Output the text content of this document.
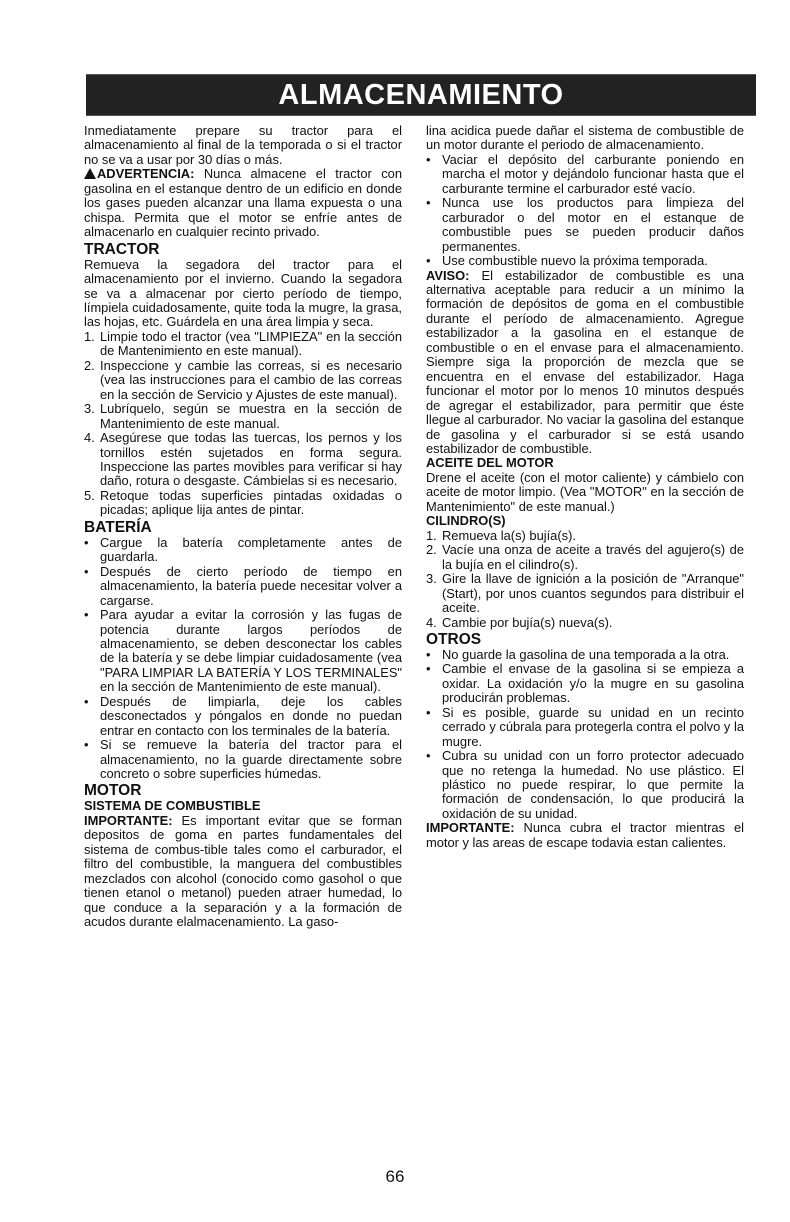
ALMACENAMIENTO

Inmediatamente prepare su tractor para el almacenamiento al final de la temporada o si el tractor no se va a usar por 30 días o más.

ADVERTENCIA: Nunca almacene el tractor con gasolina en el estanque dentro de un edificio en donde los gases pueden alcanzar una llama expuesta o una chispa. Permita que el motor se enfríe antes de almacenarlo en cualquier recinto privado.

TRACTOR

Remueva la segadora del tractor para el almacenamiento por el invierno. Cuando la segadora se va a almacenar por cierto período de tiempo, límpiela cuidadosamente, quite toda la mugre, la grasa, las hojas, etc. Guárdela en una área limpia y seca.

1. Limpie todo el tractor (vea "LIMPIEZA" en la sección de Mantenimiento en este manual).
2. Inspeccione y cambie las correas, si es necesario (vea las instrucciones para el cambio de las correas en la sección de Servicio y Ajustes de este manual).
3. Lubríquelo, según se muestra en la sección de Mantenimiento de este manual.
4. Asegúrese que todas las tuercas, los pernos y los tornillos estén sujetados en forma segura. Inspeccione las partes movibles para verificar si hay daño, rotura o desgaste. Cámbielas si es necesario.
5. Retoque todas superficies pintadas oxidadas o picadas; aplique lija antes de pintar.
BATERÍA
• Cargue la batería completamente antes de guardarla.
• Después de cierto período de tiempo en almacenamiento, la batería puede necesitar volver a cargarse.
• Para ayudar a evitar la corrosión y las fugas de potencia durante largos períodos de almacenamiento, se deben desconectar los cables de la batería y se debe limpiar cuidadosamente (vea "PARA LIMPIAR LA BATERÍA Y LOS TERMINALES" en la sección de Mantenimiento de este manual).
• Después de limpiarla, deje los cables desconectados y póngalos en donde no puedan entrar en contacto con los terminales de la batería.
• Si se remueve la batería del tractor para el almacenamiento, no la guarde directamente sobre concreto o sobre superficies húmedas.
MOTOR
SISTEMA DE COMBUSTIBLE

IMPORTANTE: Es important evitar que se forman depositos de goma en partes fundamentales del sistema de combus-tible tales como el carburador, el filtro del combustible, la manguera del combustibles mezclados con alcohol (conocido como gasohol o que tienen etanol o metanol) pueden atraer humedad, lo que conduce a la separación y a la formación de acudos durante elalmacenamiento. La gaso-

lina acidica puede dañar el sistema de combustible de un motor durante el periodo de almacenamiento.

• Vaciar el depósito del carburante poniendo en marcha el motor y dejándolo funcionar hasta que el carburante termine el carburador esté vacío.
• Nunca use los productos para limpieza del carburador o del motor en el estanque de combustible pues se pueden producir daños permanentes.
• Use combustible nuevo la próxima temporada.

AVISO: El estabilizador de combustible es una alternativa aceptable para reducir a un mínimo la formación de depósitos de goma en el combustible durante el período de almacenamiento. Agregue estabilizador a la gasolina en el estanque de combustible o en el envase para el almacenamiento. Siempre siga la proporción de mezcla que se encuentra en el envase del estabilizador. Haga funcionar el motor por lo menos 10 minutos después de agregar el estabilizador, para permitir que éste llegue al carburador. No vaciar la gasolina del estanque de gasolina y el carburador si se está usando estabilizador de combustible.

ACEITE DEL MOTOR

Drene el aceite (con el motor caliente) y cámbielo con aceite de motor limpio. (Vea "MOTOR" en la sección de Mantenimiento" de este manual.)

CILINDRO(S)
1. Remueva la(s) bujía(s).
2. Vacíe una onza de aceite a través del agujero(s) de la bujía en el cilindro(s).
3. Gire la llave de ignición a la posición de "Arranque" (Start), por unos cuantos segundos para distribuir el aceite.
4. Cambie por bujía(s) nueva(s).
OTROS
• No guarde la gasolina de una temporada a la otra.
• Cambie el envase de la gasolina si se empieza a oxidar. La oxidación y/o la mugre en su gasolina producirán problemas.
• Si es posible, guarde su unidad en un recinto cerrado y cúbrala para protegerla contra el polvo y la mugre.
• Cubra su unidad con un forro protector adecuado que no retenga la humedad. No use plástico. El plástico no puede respirar, lo que permite la formación de condensación, lo que producirá la oxidación de su unidad.

IMPORTANTE: Nunca cubra el tractor mientras el motor y las areas de escape todavia estan calientes.

66
